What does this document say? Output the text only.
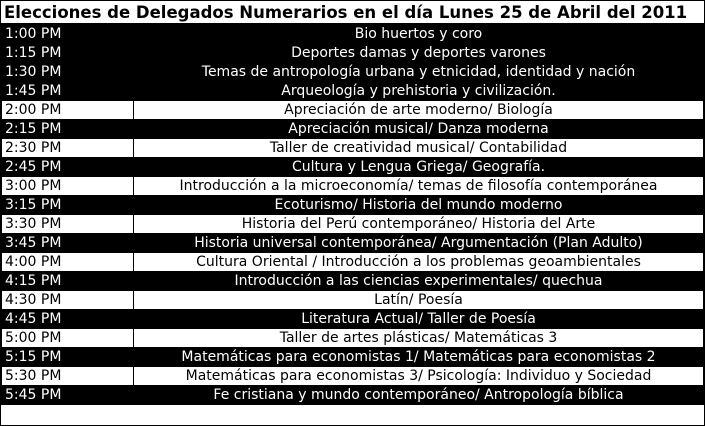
Elecciones de Delegados Numerarios en el día Lunes 25 de Abril del 2011
1:00 PM	Bio huertos y coro
1:15 PM	Deportes damas y deportes varones
1:30 PM	Temas de antropología urbana y etnicidad, identidad y nación
1:45 PM	Arqueología y prehistoria y civilización.
2:00 PM	Apreciación de arte moderno/ Biología
2:15 PM	Apreciación musical/ Danza moderna
2:30 PM	Taller de creatividad musical/ Contabilidad
2:45 PM	Cultura y Lengua Griega/ Geografía.
3:00 PM	Introducción a la microeconomía/ temas de filosofía contemporánea
3:15 PM	Ecoturismo/ Historia del mundo moderno
3:30 PM	Historia del Perú contemporáneo/ Historia del Arte
3:45 PM	Historia universal contemporánea/ Argumentación (Plan Adulto)
4:00 PM	Cultura Oriental / Introducción a los problemas geoambientales
4:15 PM	Introducción a las ciencias experimentales/ quechua
4:30 PM	Latín/ Poesía
4:45 PM	Literatura Actual/ Taller de Poesía
5:00 PM	Taller de artes plásticas/ Matemáticas 3
5:15 PM	Matemáticas para economistas 1/ Matemáticas para economistas 2
5:30 PM	Matemáticas para economistas 3/ Psicología: Individuo y Sociedad
5:45 PM	Fe cristiana y mundo contemporáneo/ Antropología bíblica
